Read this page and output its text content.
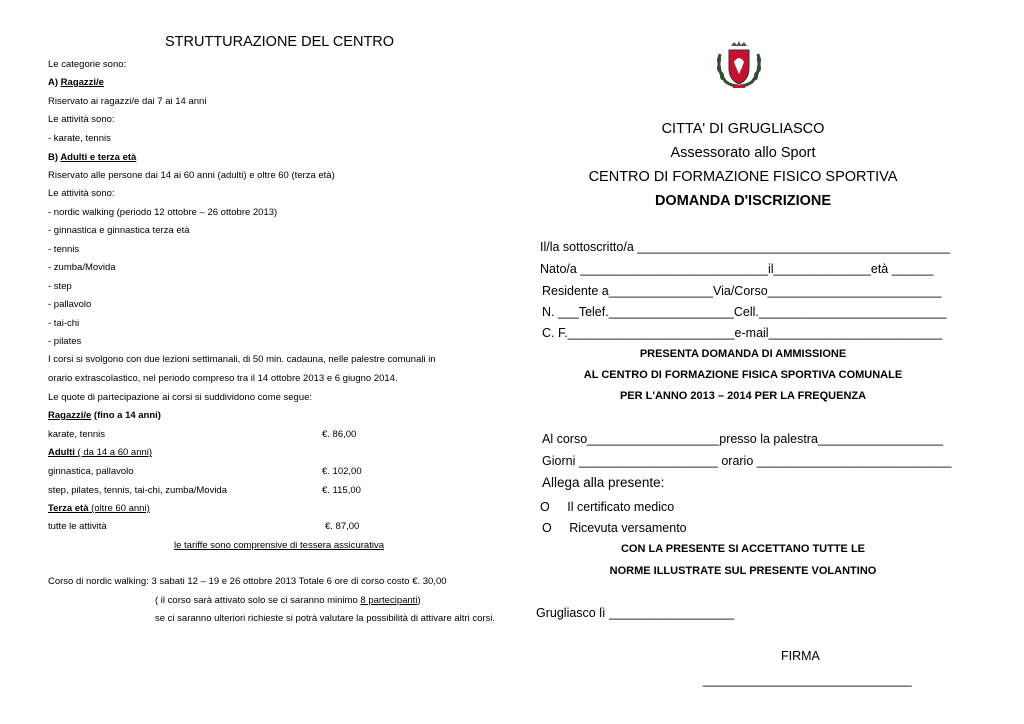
STRUTTURAZIONE DEL CENTRO
Le categorie sono:
A) Ragazzi/e
Riservato ai ragazzi/e dai 7 ai 14 anni
Le attività sono:
- karate, tennis
B) Adulti e terza età
Riservato alle persone dai 14 ai 60 anni (adulti) e oltre 60 (terza età)
Le attività sono:
- nordic walking (periodo 12 ottobre – 26 ottobre 2013)
- ginnastica e ginnastica terza età
- tennis
- zumba/Movida
- step
- pallavolo
- tai-chi
- pilates
I corsi si svolgono con due lezioni settimanali, di 50 min. cadauna, nelle palestre comunali in
orario extrascolastico, nel periodo compreso tra il 14 ottobre 2013 e 6 giugno 2014.
Le quote di partecipazione ai corsi si suddividono come segue:
Ragazzi/e (fino a 14 anni)
karate, tennis	€. 86,00
Adulti ( da 14 a 60 anni)
ginnastica, pallavolo	€. 102,00
step, pilates, tennis, tai-chi, zumba/Movida	€. 115,00
Terza età (oltre 60 anni)
tutte le attività	€. 87,00
le tariffe sono comprensive di tessera assicurativa
Corso di nordic walking: 3 sabati 12 – 19 e 26 ottobre 2013 Totale 6 ore di corso costo €. 30,00
( il corso sarà attivato solo se ci saranno minimo 8 partecipanti)
se ci saranno ulteriori richieste si potrà valutare la possibilità di attivare altri corsi.
CITTA' DI GRUGLIASCO
Assessorato allo Sport
CENTRO DI FORMAZIONE FISICO SPORTIVA
DOMANDA D'ISCRIZIONE
Il/la sottoscritto/a _____________________________________________
Nato/a ___________________________il______________età ______
Residente a_______________Via/Corso_________________________
N. ___Telef.__________________Cell.___________________________
C. F.________________________e-mail_________________________
PRESENTA DOMANDA DI AMMISSIONE
AL CENTRO DI FORMAZIONE FISICA SPORTIVA COMUNALE
PER L'ANNO 2013 – 2014 PER LA FREQUENZA
Al corso___________________presso la palestra__________________
Giorni ____________________ orario ____________________________
Allega alla presente:
O Il certificato medico
O Ricevuta versamento
CON LA PRESENTE SI ACCETTANO TUTTE LE
NORME ILLUSTRATE SUL PRESENTE VOLANTINO
Grugliasco lì __________________
FIRMA
______________________________
